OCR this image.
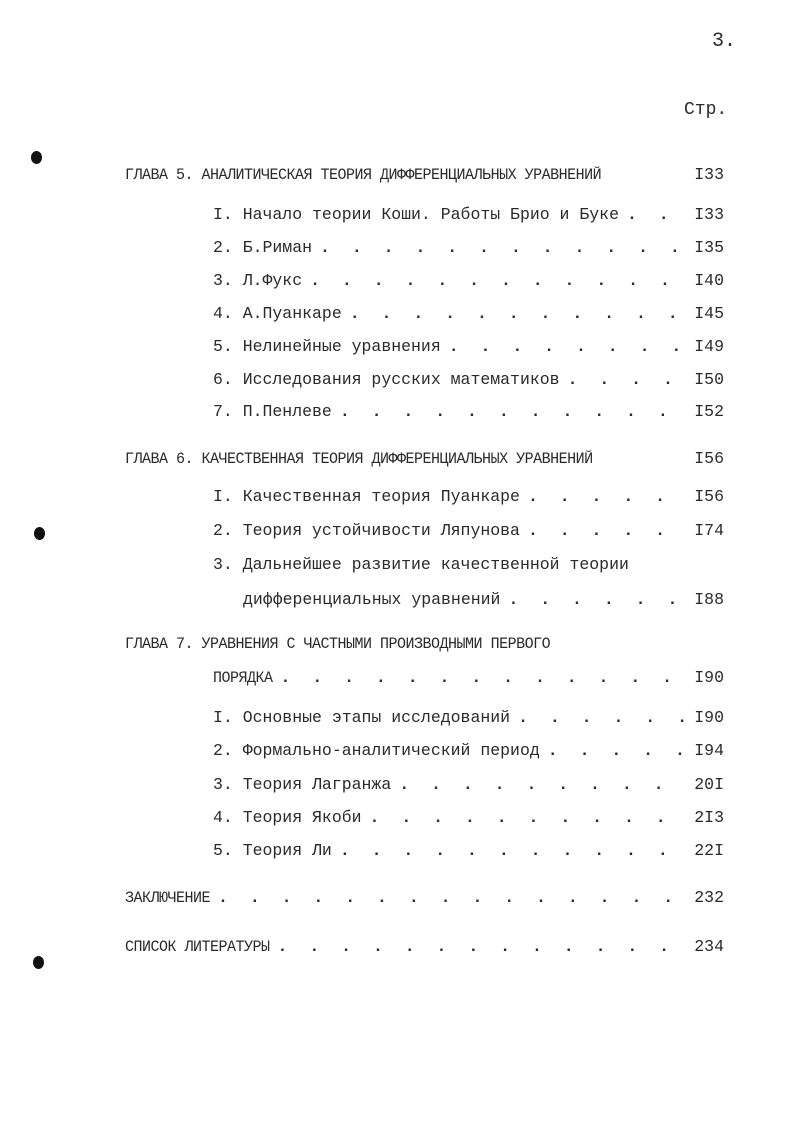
3.
Стр.
ГЛАВА 5. АНАЛИТИЧЕСКАЯ ТЕОРИЯ ДИФФЕРЕНЦИАЛЬНЫХ УРАВНЕНИЙ	I33
I. Начало теории Коши. Работы Брио и Буке . . .	I33
2. Б.Риман . . .	I35
3. Л.Фукс . . .	I40
4. А.Пуанкаре . . .	I45
5. Нелинейные уравнения . . .	I49
6. Исследования русских математиков . . .	I50
7. П.Пенлеве . . .	I52
ГЛАВА 6. КАЧЕСТВЕННАЯ ТЕОРИЯ ДИФФЕРЕНЦИАЛЬНЫХ УРАВНЕНИЙ	I56
I. Качественная теория Пуанкаре . . .	I56
2. Теория устойчивости Ляпунова . . .	I74
3. Дальнейшее развитие качественной теории
дифференциальных уравнений . . .	I88
ГЛАВА 7. УРАВНЕНИЯ С ЧАСТНЫМИ ПРОИЗВОДНЫМИ ПЕРВОГО
ПОРЯДКА . . .	I90
I. Основные этапы исследований . . .	I90
2. Формально-аналитический период . . .	I94
3. Теория Лагранжа . . .	20I
4. Теория Якоби . . .	2I3
5. Теория Ли . . .	22I
ЗАКЛЮЧЕНИЕ . . .	232
СПИСОК ЛИТЕРАТУРЫ . . .	234
